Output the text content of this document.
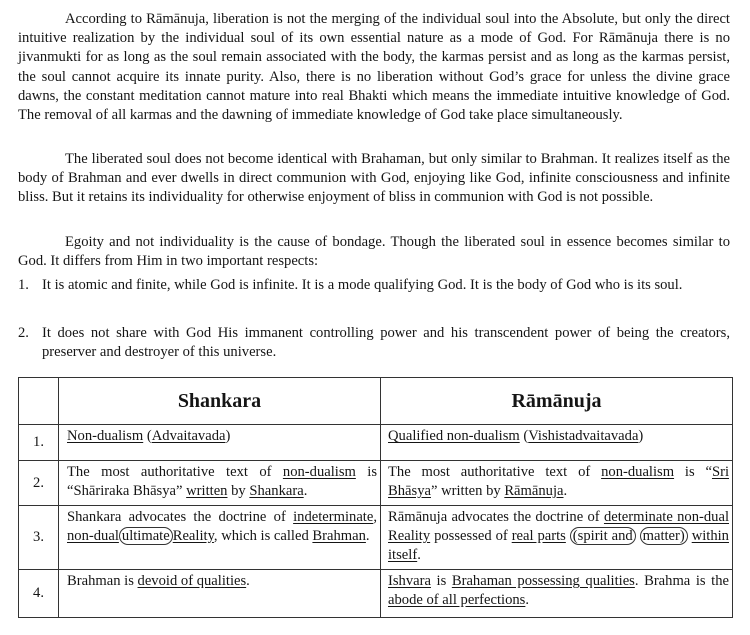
According to Rāmānuja, liberation is not the merging of the individual soul into the Absolute, but only the direct intuitive realization by the individual soul of its own essential nature as a mode of God. For Rāmānuja there is no jivanmukti for as long as the soul remain associated with the body, the karmas persist and as long as the karmas persist, the soul cannot acquire its innate purity. Also, there is no liberation without God’s grace for unless the divine grace dawns, the constant meditation cannot mature into real Bhakti which means the immediate intuitive knowledge of God. The removal of all karmas and the dawning of immediate knowledge of God take place simultaneously.

The liberated soul does not become identical with Brahaman, but only similar to Brahman. It realizes itself as the body of Brahman and ever dwells in direct communion with God, enjoying like God, infinite consciousness and infinite bliss. But it retains its individuality for otherwise enjoyment of bliss in communion with God is not possible.

Egoity and not individuality is the cause of bondage. Though the liberated soul in essence becomes similar to God. It differs from Him in two important respects:

1. It is atomic and finite, while God is infinite. It is a mode qualifying God. It is the body of God who is its soul.
2. It does not share with God His immanent controlling power and his transcendent power of being the creators, preserver and destroyer of this universe.
	Shankara	Rāmānuja
1.	Non-dualism (Advaitavada)	Qualified non-dualism (Vishistadvaitavada)
2.	The most authoritative text of non-dualism is “Shāriraka Bhāsya” written by Shankara.	The most authoritative text of non-dualism is “Sri Bhāsya” written by Rāmānuja.
3.	Shankara advocates the doctrine of indeterminate, non-dual ultimate Reality, which is called Brahman.	Rāmānuja advocates the doctrine of determinate non-dual Reality possessed of real parts (spirit and matter) within itself.
4.	Brahman is devoid of qualities.	Ishvara is Brahaman possessing qualities. Brahma is the abode of all perfections.
